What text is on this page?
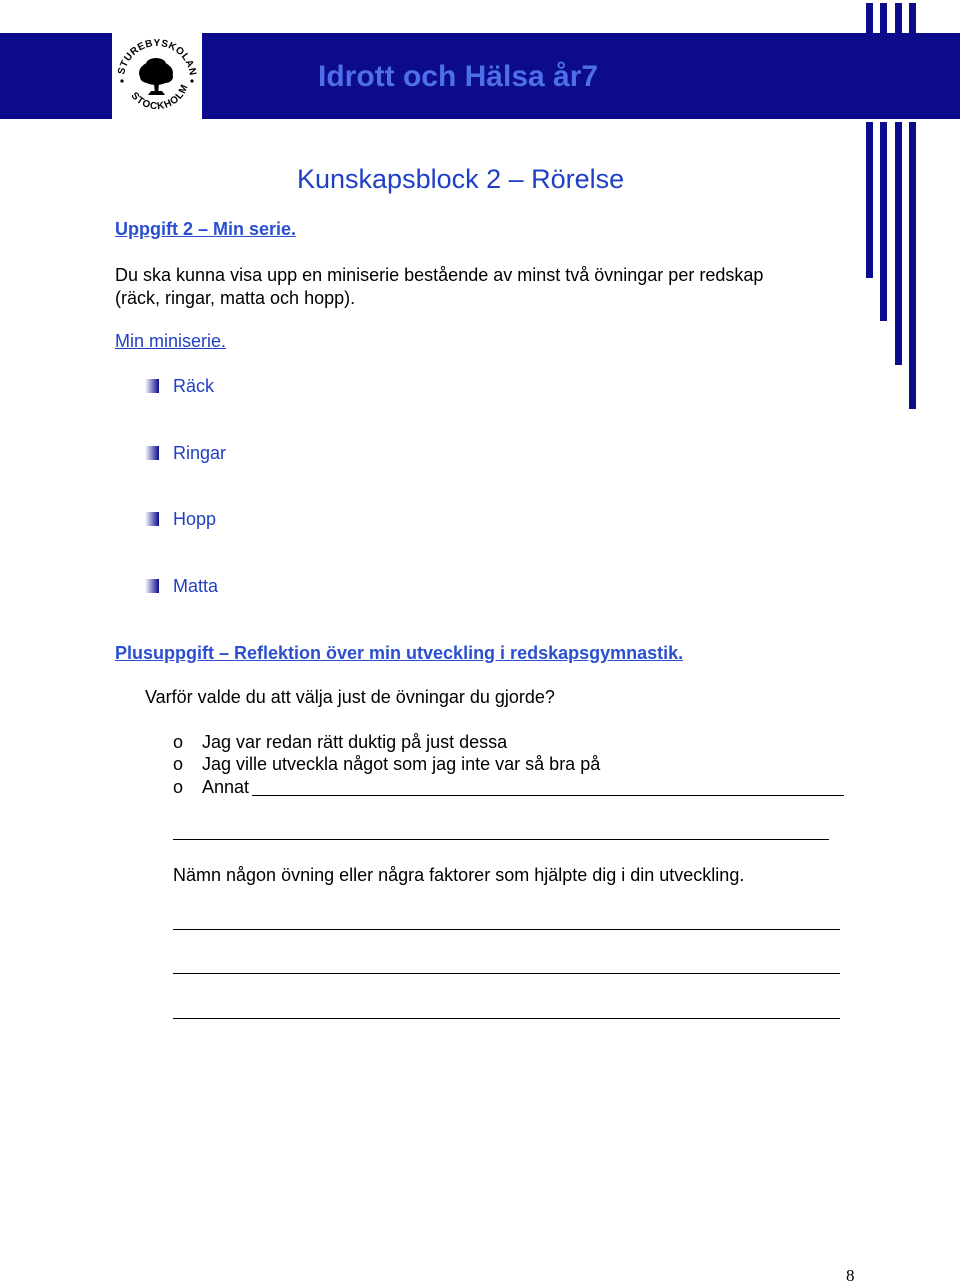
STUREBYSKOLAN
STOCKHOLM	Idrott och Hälsa år7
Kunskapsblock 2 – Rörelse
Uppgift 2 – Min serie.
Du ska kunna visa upp en miniserie bestående av minst två övningar per redskap
(räck, ringar, matta och hopp).
Min miniserie.
Räck
Ringar
Hopp
Matta
Plusuppgift – Reflektion över min utveckling i redskapsgymnastik.
Varför valde du att välja just de övningar du gjorde?
o Jag var redan rätt duktig på just dessa
o Jag ville utveckla något som jag inte var så bra på
o Annat
Nämn någon övning eller några faktorer som hjälpte dig i din utveckling.
8
